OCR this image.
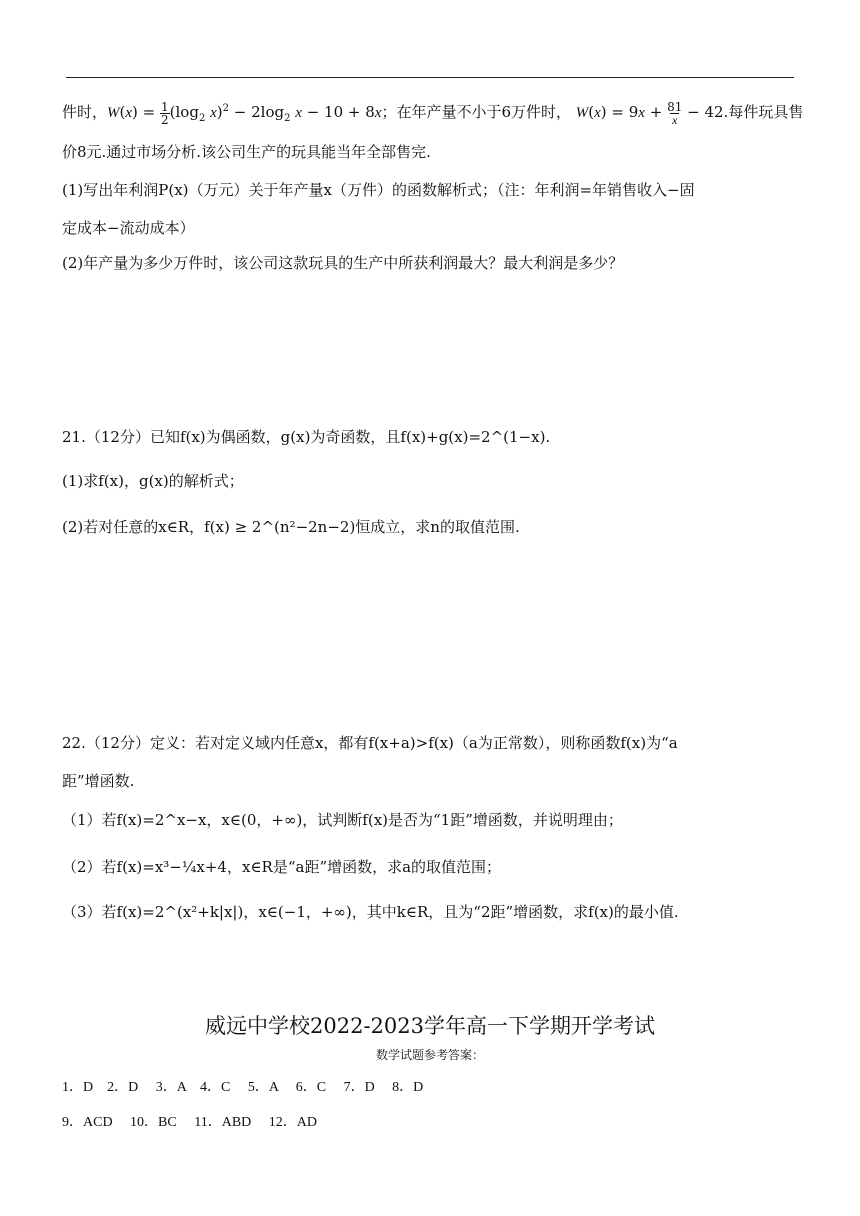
件时，W(x) = 1
$2(\log_2$ $x)^2 - 2\log_2$ x − 10 + 8x；在年产量不小于6万件时， W(x) = 9x + 81
x − 42.每件玩具售
价8元.通过市场分析.该公司生产的玩具能当年全部售完.
(1)写出年利润P(x)（万元）关于年产量x（万件）的函数解析式；（注：年利润=年销售收入−固
定成本−流动成本）
(2)年产量为多少万件时，该公司这款玩具的生产中所获利润最大？最大利润是多少？
21.（12分）已知f(x)为偶函数，g(x)为奇函数，且f(x)+g(x)=2^(1−x).
(1)求f(x)，g(x)的解析式；
(2)若对任意的x∈R，f(x) ≥ 2^(n²−2n−2)恒成立，求n的取值范围.
22.（12分）定义：若对定义域内任意x，都有f(x+a)>f(x)（a为正常数），则称函数f(x)为“a
距”增函数.
（1）若f(x)=2^x−x，x∈(0，+∞)，试判断f(x)是否为“1距”增函数，并说明理由；
（2）若f(x)=x³−¼x+4，x∈R是“a距”增函数，求a的取值范围；
（3）若f(x)=2^(x²+k|x|)，x∈(−1，+∞)，其中k∈R，且为“2距”增函数，求f(x)的最小值.
威远中学校2022-2023学年高一下学期开学考试
数学试题参考答案：
1．D　2．D　 3．A　4．C　 5．A　 6．C　 7．D　 8．D
9．ACD　 10．BC　 11．ABD　 12．AD
